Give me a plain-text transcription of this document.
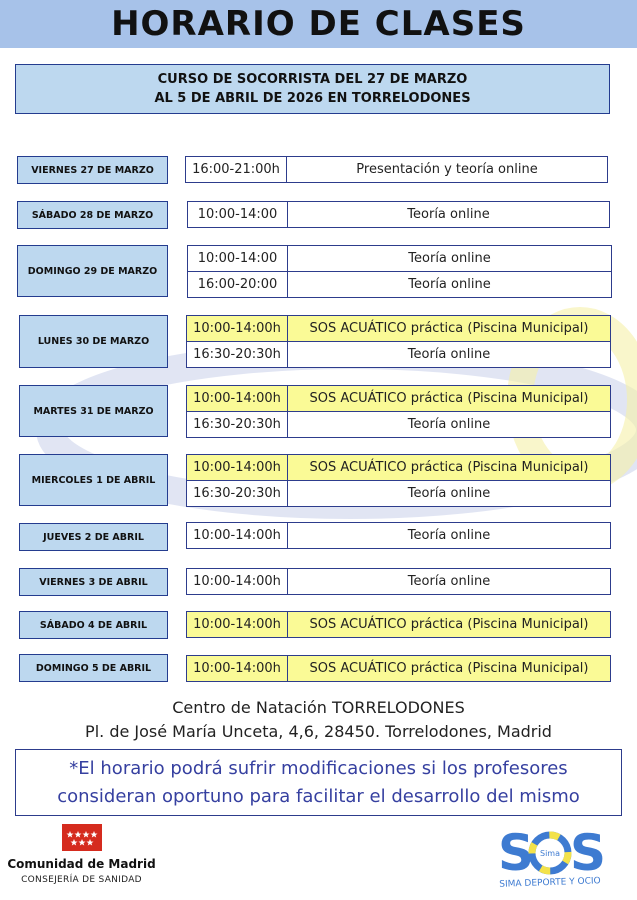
HORARIO DE CLASES
CURSO DE SOCORRISTA DEL 27 DE MARZO
AL 5 DE ABRIL DE 2026 EN TORRELODONES
VIERNES 27 DE MARZO	16:00-21:00h	Presentación y teoría online
SÁBADO 28 DE MARZO	10:00-14:00	Teoría online
DOMINGO 29 DE MARZO
10:00-14:00	Teoría online
16:00-20:00	Teoría online
LUNES 30 DE MARZO
10:00-14:00h	SOS ACUÁTICO práctica (Piscina Municipal)
16:30-20:30h	Teoría online
MARTES 31 DE MARZO
10:00-14:00h	SOS ACUÁTICO práctica (Piscina Municipal)
16:30-20:30h	Teoría online
MIERCOLES 1 DE ABRIL
10:00-14:00h	SOS ACUÁTICO práctica (Piscina Municipal)
16:30-20:30h	Teoría online
JUEVES 2 DE ABRIL	10:00-14:00h	Teoría online
VIERNES 3 DE ABRIL	10:00-14:00h	Teoría online
SÁBADO 4 DE ABRIL	10:00-14:00h	SOS ACUÁTICO práctica (Piscina Municipal)
DOMINGO 5 DE ABRIL	10:00-14:00h	SOS ACUÁTICO práctica (Piscina Municipal)
Centro de Natación TORRELODONES
Pl. de José María Unceta, 4,6, 28450. Torrelodones, Madrid
*El horario podrá sufrir modificaciones si los profesores
consideran oportuno para facilitar el desarrollo del mismo
Comunidad de Madrid
CONSEJERÍA DE SANIDAD	S Sima S
SIMA DEPORTE Y OCIO
